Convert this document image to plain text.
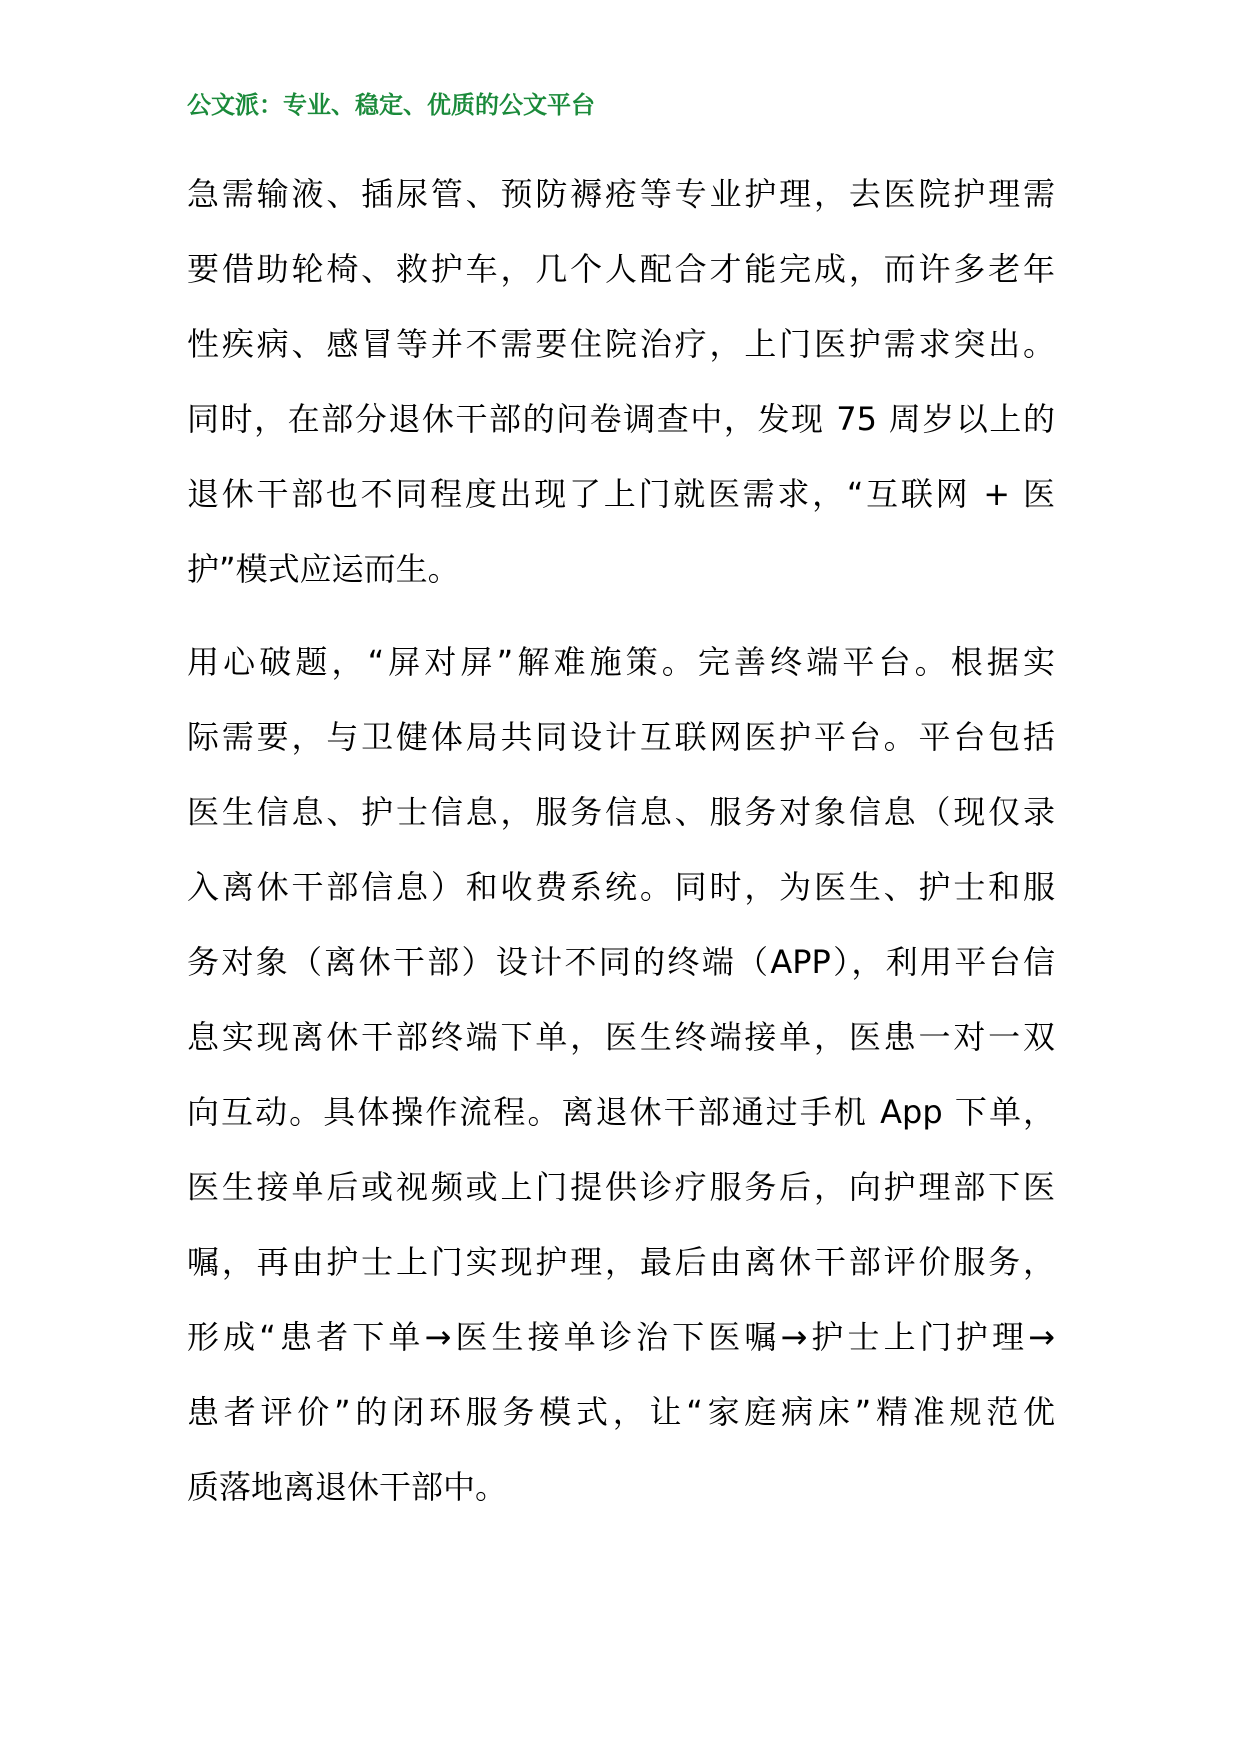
公文派：专业、稳定、优质的公文平台
急需输液、插尿管、预防褥疮等专业护理，去医院护理需
要借助轮椅、救护车，几个人配合才能完成，而许多老年
性疾病、感冒等并不需要住院治疗，上门医护需求突出。
同时，在部分退休干部的问卷调查中，发现 75 周岁以上的
退休干部也不同程度出现了上门就医需求，“互联网 + 医
护”模式应运而生。
用心破题，“屏对屏”解难施策。完善终端平台。根据实
际需要，与卫健体局共同设计互联网医护平台。平台包括
医生信息、护士信息，服务信息、服务对象信息（现仅录
入离休干部信息）和收费系统。同时，为医生、护士和服
务对象（离休干部）设计不同的终端（APP），利用平台信
息实现离休干部终端下单，医生终端接单，医患一对一双
向互动。具体操作流程。离退休干部通过手机 App 下单，
医生接单后或视频或上门提供诊疗服务后，向护理部下医
嘱，再由护士上门实现护理，最后由离休干部评价服务，
形成“患者下单→医生接单诊治下医嘱→护士上门护理→
患者评价”的闭环服务模式，让“家庭病床”精准规范优
质落地离退休干部中。
